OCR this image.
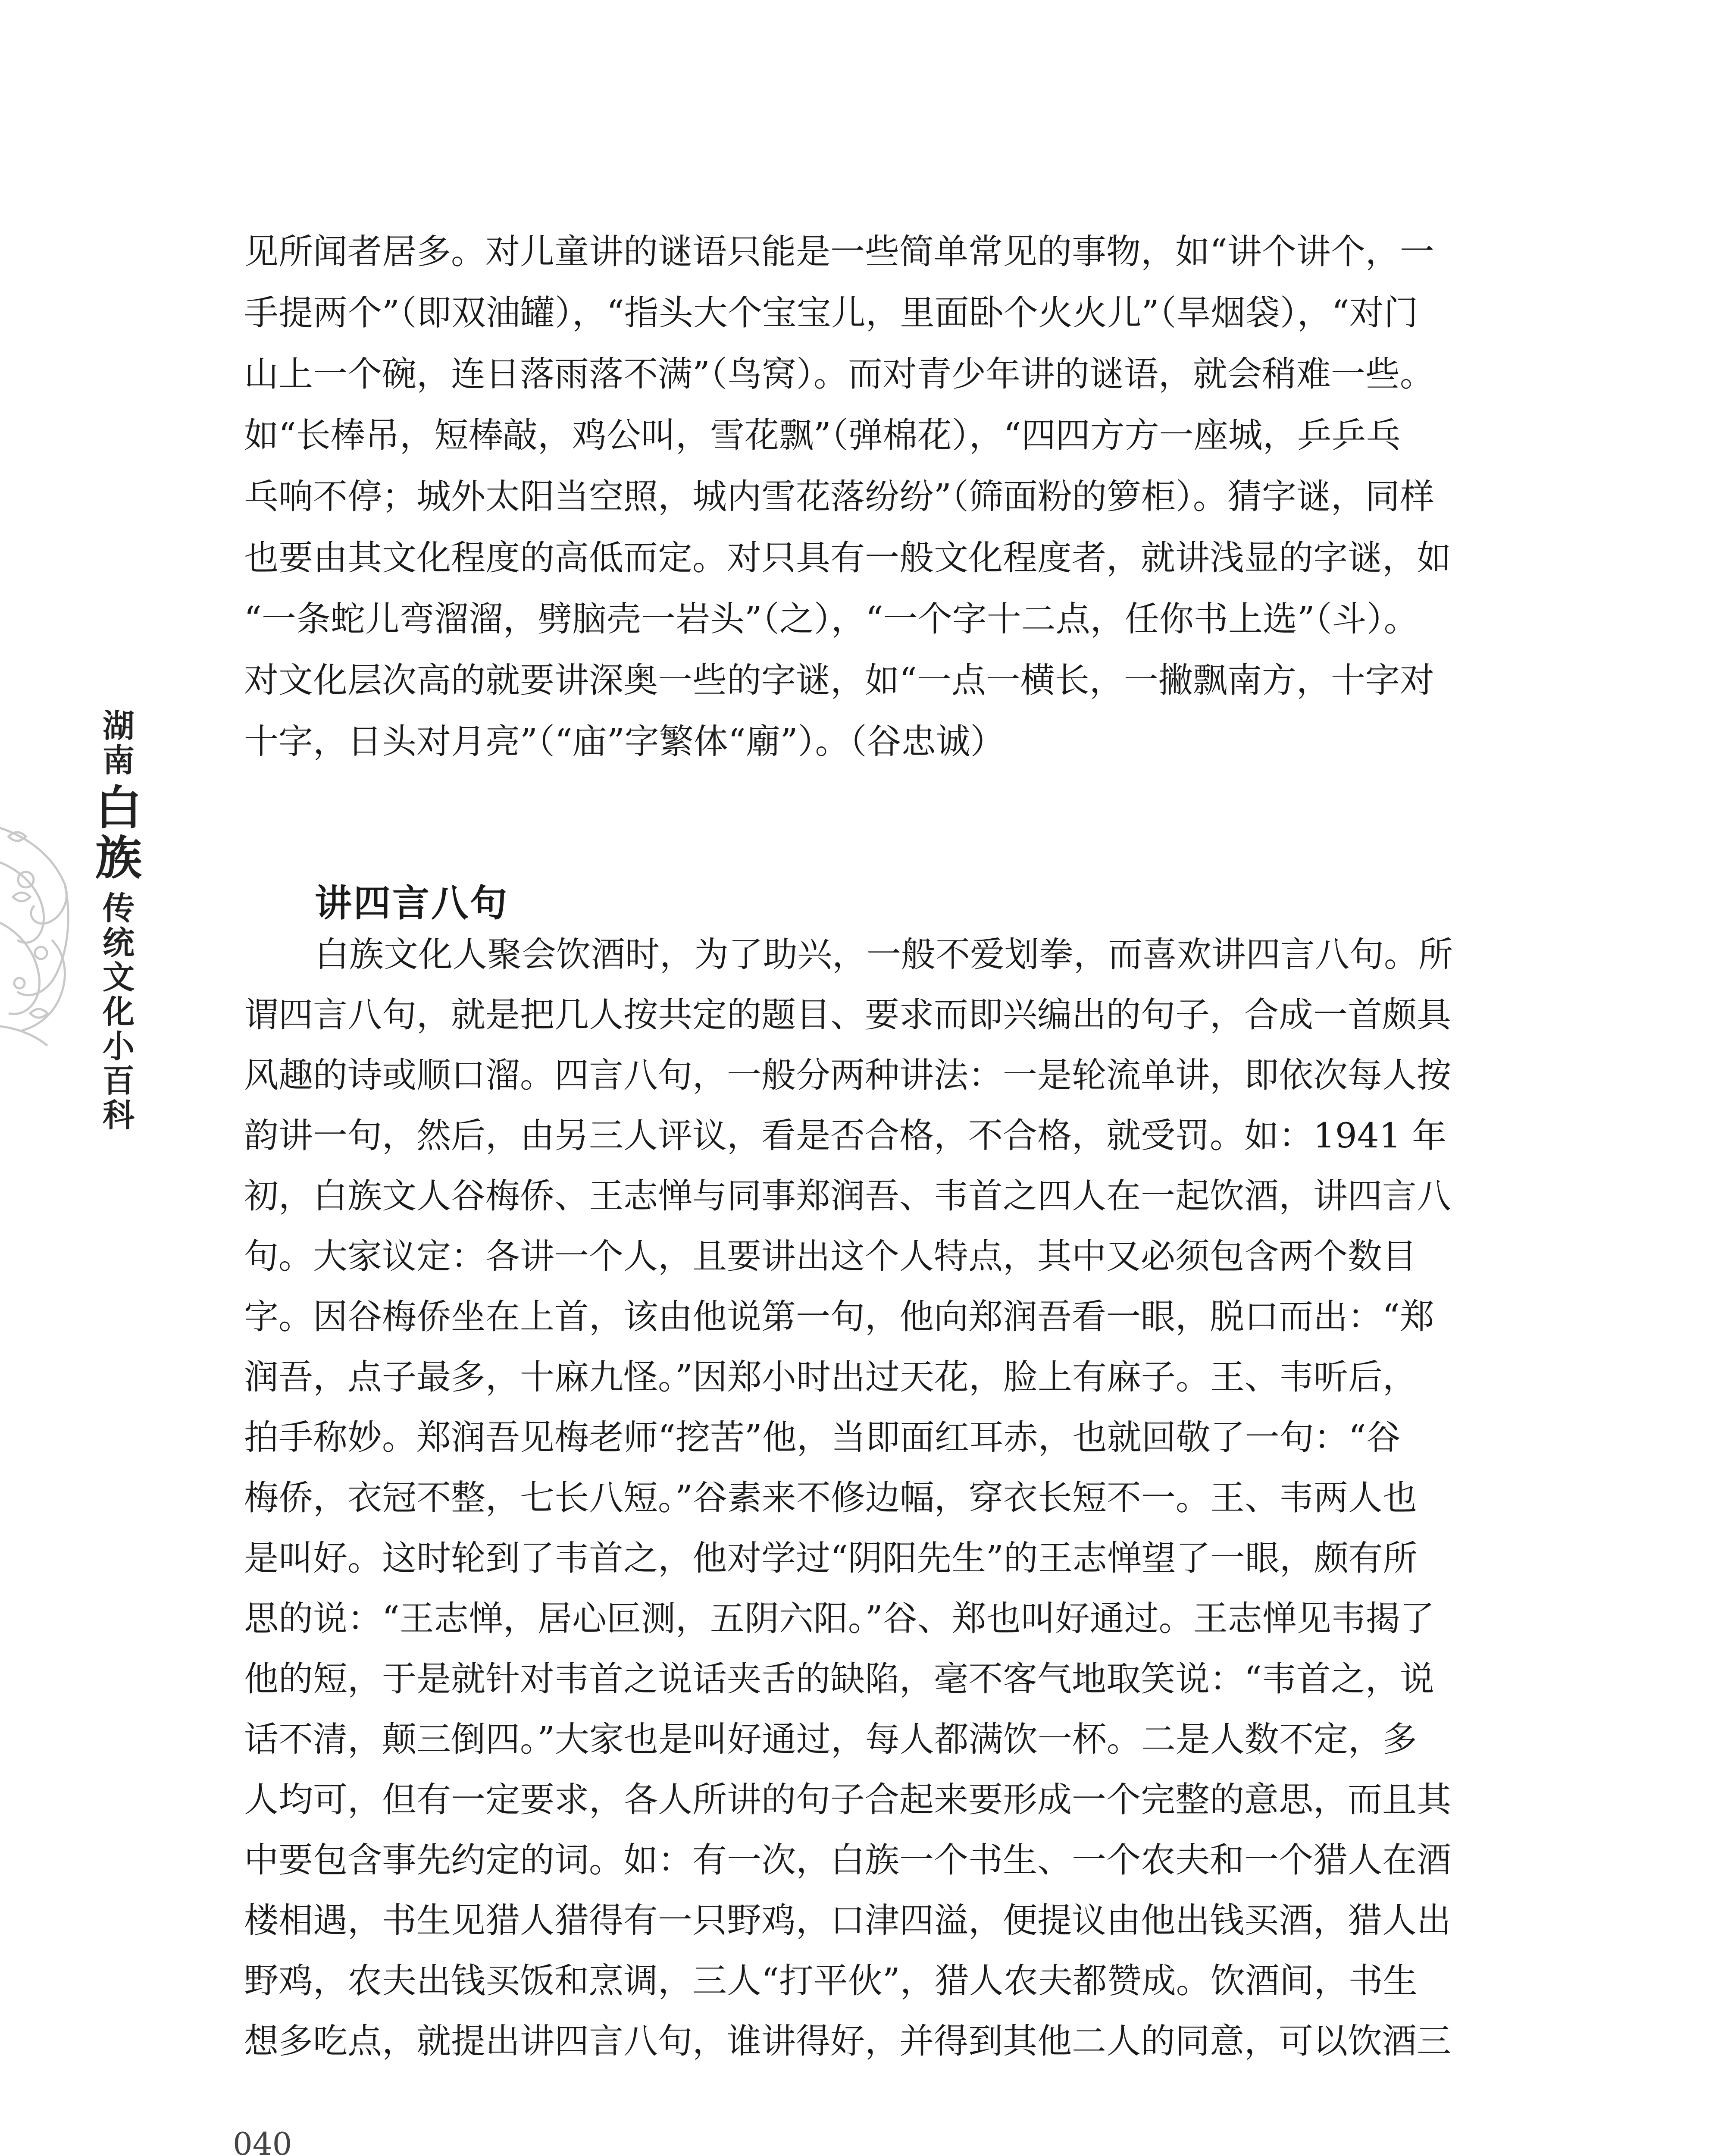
湖
南
白
族
传
统
文
化
小
百
科
见所闻者居多。对儿童讲的谜语只能是一些简单常见的事物，如“讲个讲个，一
手提两个”（即双油罐），“指头大个宝宝儿，里面卧个火火儿”（旱烟袋），“对门
山上一个碗，连日落雨落不满”（鸟窝）。而对青少年讲的谜语，就会稍难一些。
如“长棒吊，短棒敲，鸡公叫，雪花飘”（弹棉花），“四四方方一座城，乒乒乓
乓响不停；城外太阳当空照，城内雪花落纷纷”（筛面粉的箩柜）。猜字谜，同样
也要由其文化程度的高低而定。对只具有一般文化程度者，就讲浅显的字谜，如
“一条蛇儿弯溜溜，劈脑壳一岩头”（之），“一个字十二点，任你书上选”（斗）。
对文化层次高的就要讲深奥一些的字谜，如“一点一横长，一撇飘南方，十字对
十字，日头对月亮”（“庙”字繁体“廟”）。（谷忠诚）
讲四言八句
白族文化人聚会饮酒时，为了助兴，一般不爱划拳，而喜欢讲四言八句。所
谓四言八句，就是把几人按共定的题目、要求而即兴编出的句子，合成一首颇具
风趣的诗或顺口溜。四言八句，一般分两种讲法：一是轮流单讲，即依次每人按
韵讲一句，然后，由另三人评议，看是否合格，不合格，就受罚。如：1941 年
初，白族文人谷梅侨、王志惮与同事郑润吾、韦首之四人在一起饮酒，讲四言八
句。大家议定：各讲一个人，且要讲出这个人特点，其中又必须包含两个数目
字。因谷梅侨坐在上首，该由他说第一句，他向郑润吾看一眼，脱口而出：“郑
润吾，点子最多，十麻九怪。”因郑小时出过天花，脸上有麻子。王、韦听后，
拍手称妙。郑润吾见梅老师“挖苦”他，当即面红耳赤，也就回敬了一句：“谷
梅侨，衣冠不整，七长八短。”谷素来不修边幅，穿衣长短不一。王、韦两人也
是叫好。这时轮到了韦首之，他对学过“阴阳先生”的王志惮望了一眼，颇有所
思的说：“王志惮，居心叵测，五阴六阳。”谷、郑也叫好通过。王志惮见韦揭了
他的短，于是就针对韦首之说话夹舌的缺陷，毫不客气地取笑说：“韦首之，说
话不清，颠三倒四。”大家也是叫好通过，每人都满饮一杯。二是人数不定，多
人均可，但有一定要求，各人所讲的句子合起来要形成一个完整的意思，而且其
中要包含事先约定的词。如：有一次，白族一个书生、一个农夫和一个猎人在酒
楼相遇，书生见猎人猎得有一只野鸡，口津四溢，便提议由他出钱买酒，猎人出
野鸡，农夫出钱买饭和烹调，三人“打平伙”，猎人农夫都赞成。饮酒间，书生
想多吃点，就提出讲四言八句，谁讲得好，并得到其他二人的同意，可以饮酒三
040
